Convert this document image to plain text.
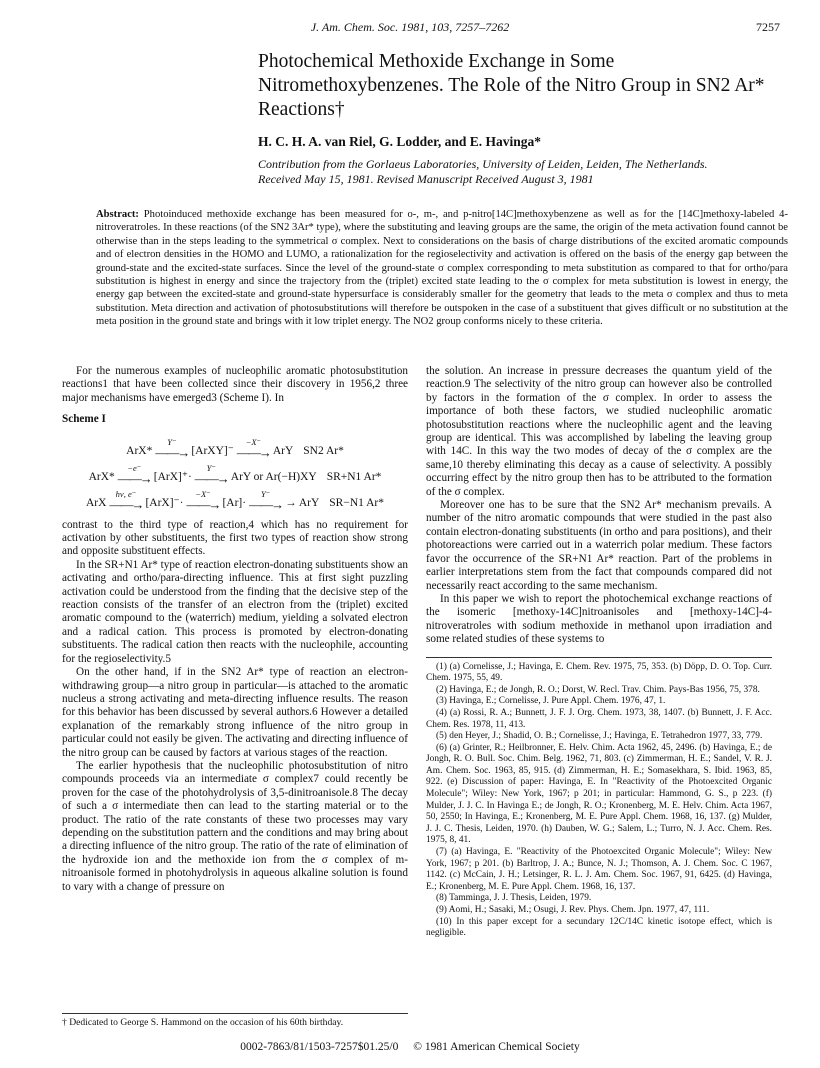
J. Am. Chem. Soc. 1981, 103, 7257–7262	7257
Photochemical Methoxide Exchange in Some Nitromethoxybenzenes. The Role of the Nitro Group in SN2 Ar* Reactions†
H. C. H. A. van Riel, G. Lodder, and E. Havinga*
Contribution from the Gorlaeus Laboratories, University of Leiden, Leiden, The Netherlands.
Received May 15, 1981. Revised Manuscript Received August 3, 1981
Abstract: Photoinduced methoxide exchange has been measured for o-, m-, and p-nitro[14C]methoxybenzene as well as for the [14C]methoxy-labeled 4-nitroveratroles. In these reactions (of the SN2 3Ar* type), where the substituting and leaving groups are the same, the origin of the meta activation found cannot be otherwise than in the steps leading to the symmetrical σ complex. Next to considerations on the basis of charge distributions of the excited aromatic compounds and of electron densities in the HOMO and LUMO, a rationalization for the regioselectivity and activation is offered on the basis of the energy gap between the ground-state and the excited-state surfaces. Since the level of the ground-state σ complex corresponding to meta substitution as compared to that for ortho/para substitution is highest in energy and since the trajectory from the (triplet) excited state leading to the σ complex for meta substitution is lowest in energy, the energy gap between the excited-state and ground-state hypersurface is considerably smaller for the geometry that leads to the meta σ complex and thus to meta substitution. Meta direction and activation of photosubstitutions will therefore be outspoken in the case of a substituent that gives difficult or no substitution at the meta position in the ground state and brings with it low triplet energy. The NO2 group conforms nicely to these criteria.

For the numerous examples of nucleophilic aromatic photosubstitution reactions1 that have been collected since their discovery in 1956,2 three major mechanisms have emerged3 (Scheme I). In

Scheme I
ArX*
Y⁻
——→ [ArXY]⁻
−X⁻
——→ ArY SN2 Ar*
ArX*
−e⁻
——→ [ArX]⁺·
Y⁻
——→ ArY or Ar(−H)XY SR+N1 Ar*
ArX
hν, e⁻
——→ [ArX]⁻·
−X⁻
——→ [Ar]·
Y⁻
——→ → ArY SR−N1 Ar*

contrast to the third type of reaction,4 which has no requirement for activation by other substituents, the first two types of reaction show strong and opposite substituent effects.

In the SR+N1 Ar* type of reaction electron-donating substituents show an activating and ortho/para-directing influence. This at first sight puzzling activation could be understood from the finding that the decisive step of the reaction consists of the transfer of an electron from the (triplet) excited aromatic compound to the (waterrich) medium, yielding a solvated electron and a radical cation. This process is promoted by electron-donating substituents. The radical cation then reacts with the nucleophile, accounting for the regioselectivity.5

On the other hand, if in the SN2 Ar* type of reaction an electron-withdrawing group—a nitro group in particular—is attached to the aromatic nucleus a strong activating and meta-directing influence results. The reason for this behavior has been discussed by several authors.6 However a detailed explanation of the remarkably strong influence of the nitro group in particular could not easily be given. The activating and directing influence of the nitro group can be caused by factors at various stages of the reaction.

The earlier hypothesis that the nucleophilic photosubstitution of nitro compounds proceeds via an intermediate σ complex7 could recently be proven for the case of the photohydrolysis of 3,5-dinitroanisole.8 The decay of such a σ intermediate then can lead to the starting material or to the product. The ratio of the rate constants of these two processes may vary depending on the substitution pattern and the conditions and may bring about a directing influence of the nitro group. The ratio of the rate of elimination of the hydroxide ion and the methoxide ion from the σ complex of m-nitroanisole formed in photohydrolysis in aqueous alkaline solution is found to vary with a change of pressure on

the solution. An increase in pressure decreases the quantum yield of the reaction.9 The selectivity of the nitro group can however also be controlled by factors in the formation of the σ complex. In order to assess the importance of both these factors, we studied nucleophilic aromatic photosubstitution reactions where the nucleophilic agent and the leaving group are identical. This was accomplished by labeling the leaving group with 14C. In this way the two modes of decay of the σ complex are the same,10 thereby eliminating this decay as a cause of selectivity. A possibly occurring effect by the nitro group then has to be attributed to the formation of the σ complex.

Moreover one has to be sure that the SN2 Ar* mechanism prevails. A number of the nitro aromatic compounds that were studied in the past also contain electron-donating substituents (in ortho and para positions), and their photoreactions were carried out in a waterrich polar medium. These factors favor the occurrence of the SR+N1 Ar* reaction. Part of the problems in earlier interpretations stem from the fact that compounds compared did not necessarily react according to the same mechanism.

In this paper we wish to report the photochemical exchange reactions of the isomeric [methoxy-14C]nitroanisoles and [methoxy-14C]-4-nitroveratroles with sodium methoxide in methanol upon irradiation and some related studies of these systems to

(1) (a) Cornelisse, J.; Havinga, E. Chem. Rev. 1975, 75, 353. (b) Döpp, D. O. Top. Curr. Chem. 1975, 55, 49.
(2) Havinga, E.; de Jongh, R. O.; Dorst, W. Recl. Trav. Chim. Pays-Bas 1956, 75, 378.
(3) Havinga, E.; Cornelisse, J. Pure Appl. Chem. 1976, 47, 1.
(4) (a) Rossi, R. A.; Bunnett, J. F. J. Org. Chem. 1973, 38, 1407. (b) Bunnett, J. F. Acc. Chem. Res. 1978, 11, 413.
(5) den Heyer, J.; Shadid, O. B.; Cornelisse, J.; Havinga, E. Tetrahedron 1977, 33, 779.
(6) (a) Grinter, R.; Heilbronner, E. Helv. Chim. Acta 1962, 45, 2496. (b) Havinga, E.; de Jongh, R. O. Bull. Soc. Chim. Belg. 1962, 71, 803. (c) Zimmerman, H. E.; Sandel, V. R. J. Am. Chem. Soc. 1963, 85, 915. (d) Zimmerman, H. E.; Somasekhara, S. Ibid. 1963, 85, 922. (e) Discussion of paper: Havinga, E. In "Reactivity of the Photoexcited Organic Molecule"; Wiley: New York, 1967; p 201; in particular: Hammond, G. S., p 223. (f) Mulder, J. J. C. In Havinga E.; de Jongh, R. O.; Kronenberg, M. E. Helv. Chim. Acta 1967, 50, 2550; In Havinga, E.; Kronenberg, M. E. Pure Appl. Chem. 1968, 16, 137. (g) Mulder, J. J. C. Thesis, Leiden, 1970. (h) Dauben, W. G.; Salem, L.; Turro, N. J. Acc. Chem. Res. 1975, 8, 41.
(7) (a) Havinga, E. "Reactivity of the Photoexcited Organic Molecule"; Wiley: New York, 1967; p 201. (b) Barltrop, J. A.; Bunce, N. J.; Thomson, A. J. Chem. Soc. C 1967, 1142. (c) McCain, J. H.; Letsinger, R. L. J. Am. Chem. Soc. 1967, 91, 6425. (d) Havinga, E.; Kronenberg, M. E. Pure Appl. Chem. 1968, 16, 137.
(8) Tamminga, J. J. Thesis, Leiden, 1979.
(9) Aomi, H.; Sasaki, M.; Osugi, J. Rev. Phys. Chem. Jpn. 1977, 47, 111.
(10) In this paper except for a secundary 12C/14C kinetic isotope effect, which is negligible.
† Dedicated to George S. Hammond on the occasion of his 60th birthday.
0002-7863/81/1503-7257$01.25/0 © 1981 American Chemical Society
